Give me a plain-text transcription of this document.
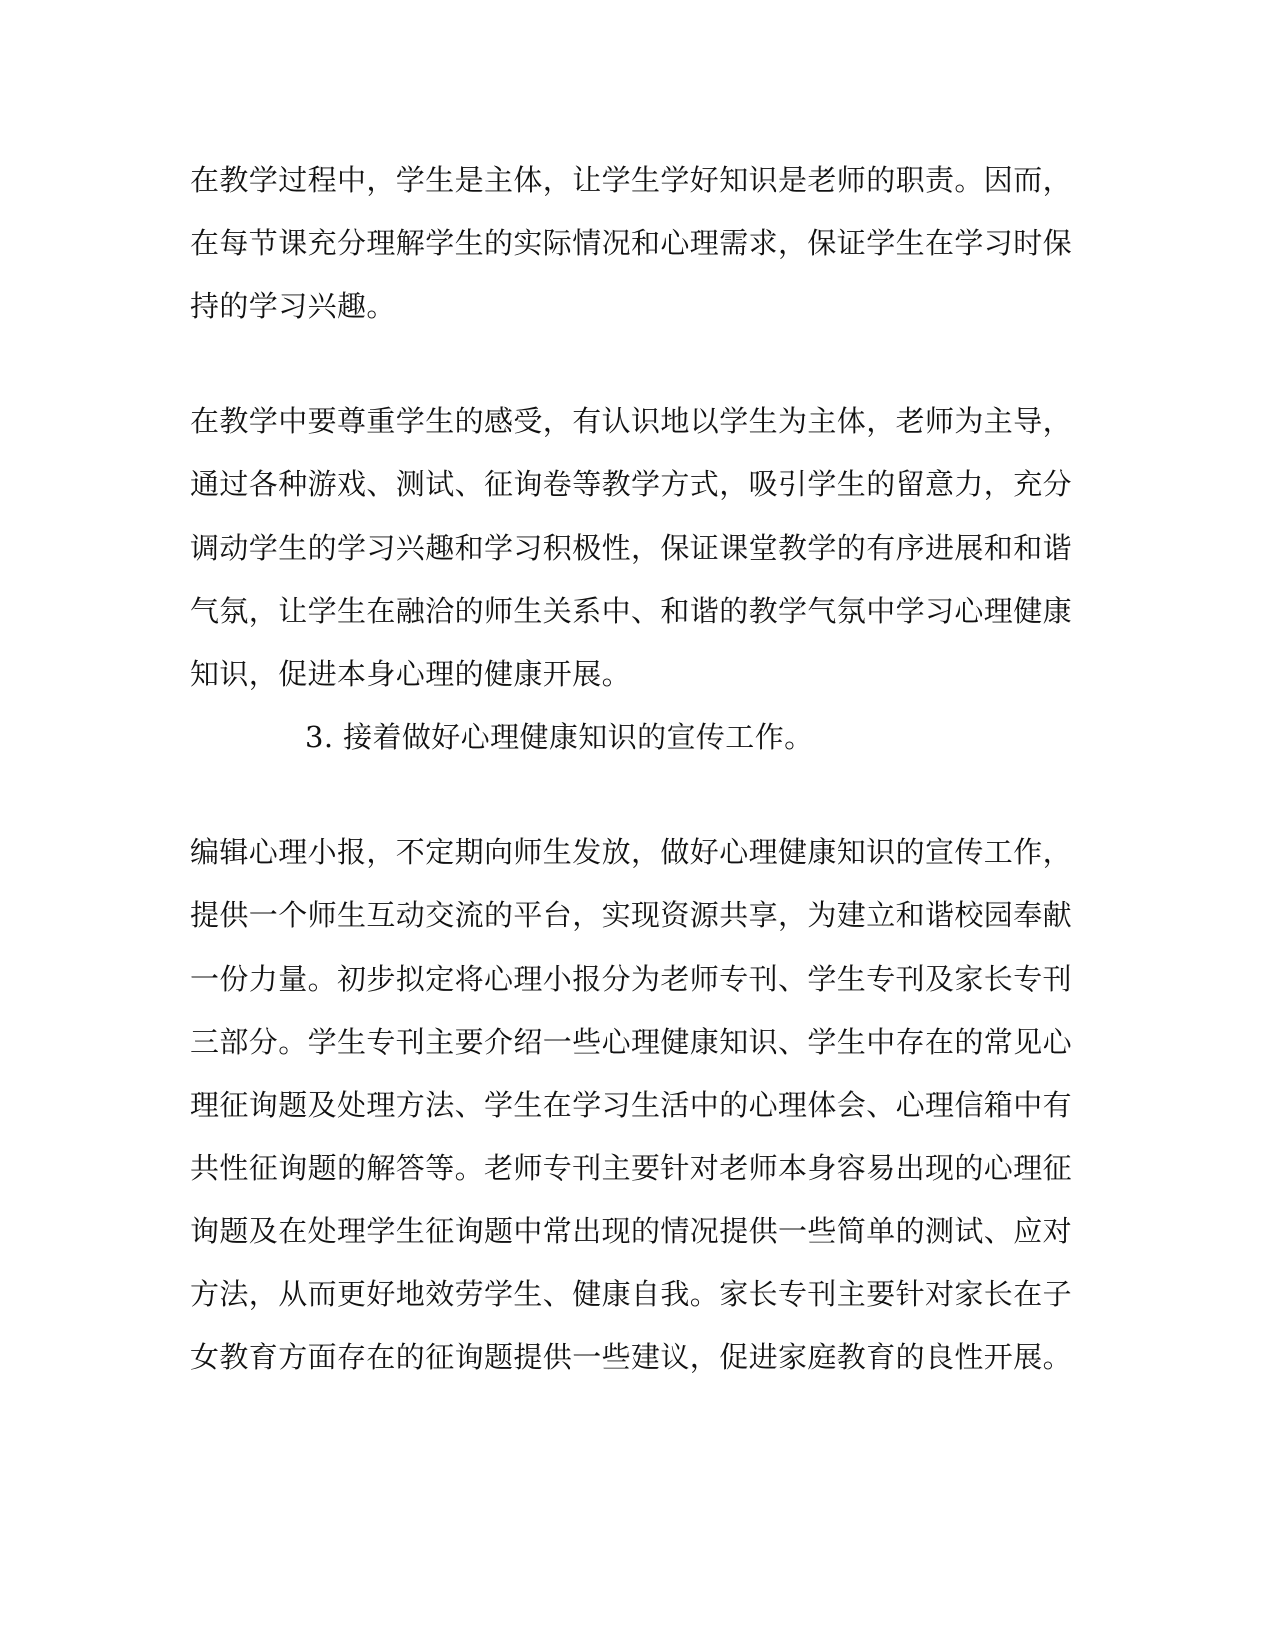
在教学过程中，学生是主体，让学生学好知识是老师的职责。因而，
在每节课充分理解学生的实际情况和心理需求，保证学生在学习时保
持的学习兴趣。
在教学中要尊重学生的感受，有认识地以学生为主体，老师为主导，
通过各种游戏、测试、征询卷等教学方式，吸引学生的留意力，充分
调动学生的学习兴趣和学习积极性，保证课堂教学的有序进展和和谐
气氛，让学生在融洽的师生关系中、和谐的教学气氛中学习心理健康
知识，促进本身心理的健康开展。
3. 接着做好心理健康知识的宣传工作。
编辑心理小报，不定期向师生发放，做好心理健康知识的宣传工作，
提供一个师生互动交流的平台，实现资源共享，为建立和谐校园奉献
一份力量。初步拟定将心理小报分为老师专刊、学生专刊及家长专刊
三部分。学生专刊主要介绍一些心理健康知识、学生中存在的常见心
理征询题及处理方法、学生在学习生活中的心理体会、心理信箱中有
共性征询题的解答等。老师专刊主要针对老师本身容易出现的心理征
询题及在处理学生征询题中常出现的情况提供一些简单的测试、应对
方法，从而更好地效劳学生、健康自我。家长专刊主要针对家长在子
女教育方面存在的征询题提供一些建议，促进家庭教育的良性开展。
